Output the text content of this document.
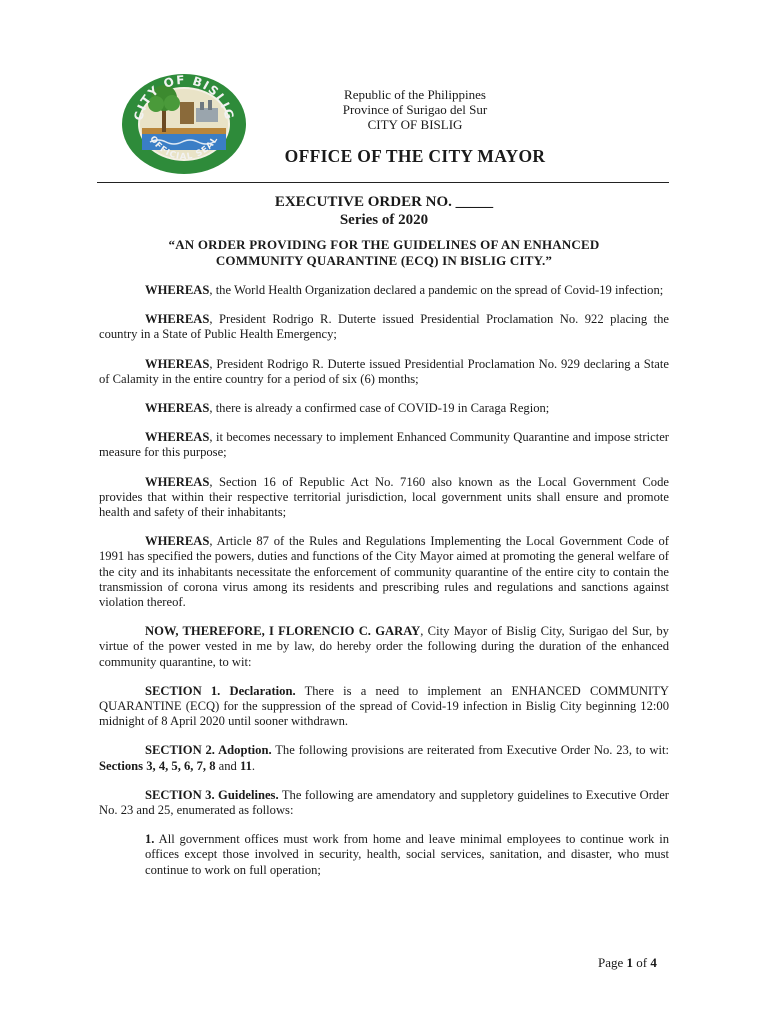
CITY OF BISLIG
OFFICIAL SEAL
Republic of the Philippines
Province of Surigao del Sur
CITY OF BISLIG
OFFICE OF THE CITY MAYOR
EXECUTIVE ORDER NO. _____
Series of 2020
“AN ORDER PROVIDING FOR THE GUIDELINES OF AN ENHANCED
COMMUNITY QUARANTINE (ECQ) IN BISLIG CITY.”

WHEREAS, the World Health Organization declared a pandemic on the spread of Covid-19 infection;

WHEREAS, President Rodrigo R. Duterte issued Presidential Proclamation No. 922 placing the country in a State of Public Health Emergency;

WHEREAS, President Rodrigo R. Duterte issued Presidential Proclamation No. 929 declaring a State of Calamity in the entire country for a period of six (6) months;

WHEREAS, there is already a confirmed case of COVID-19 in Caraga Region;

WHEREAS, it becomes necessary to implement Enhanced Community Quarantine and impose stricter measure for this purpose;

WHEREAS, Section 16 of Republic Act No. 7160 also known as the Local Government Code provides that within their respective territorial jurisdiction, local government units shall ensure and promote health and safety of their inhabitants;

WHEREAS, Article 87 of the Rules and Regulations Implementing the Local Government Code of 1991 has specified the powers, duties and functions of the City Mayor aimed at promoting the general welfare of the city and its inhabitants necessitate the enforcement of community quarantine of the entire city to contain the transmission of corona virus among its residents and prescribing rules and regulations and sanctions against violation thereof.

NOW, THEREFORE, I FLORENCIO C. GARAY, City Mayor of Bislig City, Surigao del Sur, by virtue of the power vested in me by law, do hereby order the following during the duration of the enhanced community quarantine, to wit:

SECTION 1. Declaration. There is a need to implement an ENHANCED COMMUNITY QUARANTINE (ECQ) for the suppression of the spread of Covid-19 infection in Bislig City beginning 12:00 midnight of 8 April 2020 until sooner withdrawn.

SECTION 2. Adoption. The following provisions are reiterated from Executive Order No. 23, to wit: Sections 3, 4, 5, 6, 7, 8 and 11.

SECTION 3. Guidelines. The following are amendatory and suppletory guidelines to Executive Order No. 23 and 25, enumerated as follows:

1. All government offices must work from home and leave minimal employees to continue work in offices except those involved in security, health, social services, sanitation, and disaster, who must continue to work on full operation;

Page 1 of 4
